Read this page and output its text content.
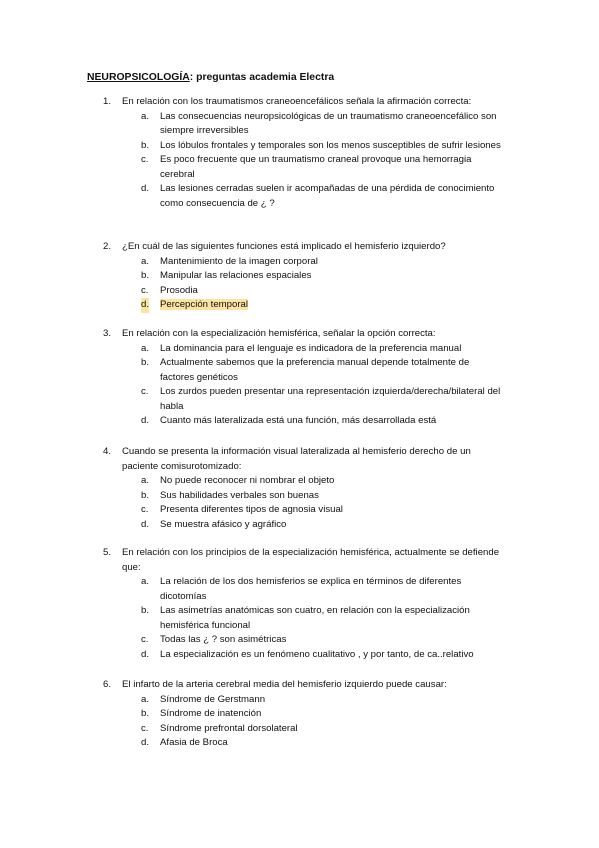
NEUROPSICOLOGÍA: preguntas academia Electra
1.	En relación con los traumatismos craneoencefálicos señala la afirmación correcta:
a. Las consecuencias neuropsicológicas de un traumatismo craneoencefálico son siempre irreversibles
b. Los lóbulos frontales y temporales son los menos susceptibles de sufrir lesiones
c. Es poco frecuente que un traumatismo craneal provoque una hemorragia cerebral
d. Las lesiones cerradas suelen ir acompañadas de una pérdida de conocimiento como consecuencia de ¿ ?
2.	¿En cuál de las siguientes funciones está implicado el hemisferio izquierdo?
a. Mantenimiento de la imagen corporal
b. Manipular las relaciones espaciales
c. Prosodia
d. Percepción temporal
3.	En relación con la especialización hemisférica, señalar la opción correcta:
a. La dominancia para el lenguaje es indicadora de la preferencia manual
b. Actualmente sabemos que la preferencia manual depende totalmente de factores genéticos
c. Los zurdos pueden presentar una representación izquierda/derecha/bilateral del habla
d. Cuanto más lateralizada está una función, más desarrollada está
4.	Cuando se presenta la información visual lateralizada al hemisferio derecho de un paciente comisurotomizado:
a. No puede reconocer ni nombrar el objeto
b. Sus habilidades verbales son buenas
c. Presenta diferentes tipos de agnosia visual
d. Se muestra afásico y agráfico
5.	En relación con los principios de la especialización hemisférica, actualmente se defiende que:
a. La relación de los dos hemisferios se explica en términos de diferentes dicotomías
b. Las asimetrías anatómicas son cuatro, en relación con la especialización hemisférica funcional
c. Todas las ¿ ? son asimétricas
d. La especialización es un fenómeno cualitativo , y por tanto, de ca..relativo
6.	El infarto de la arteria cerebral media del hemisferio izquierdo puede causar:
a. Síndrome de Gerstmann
b. Síndrome de inatención
c. Síndrome prefrontal dorsolateral
d. Afasia de Broca
